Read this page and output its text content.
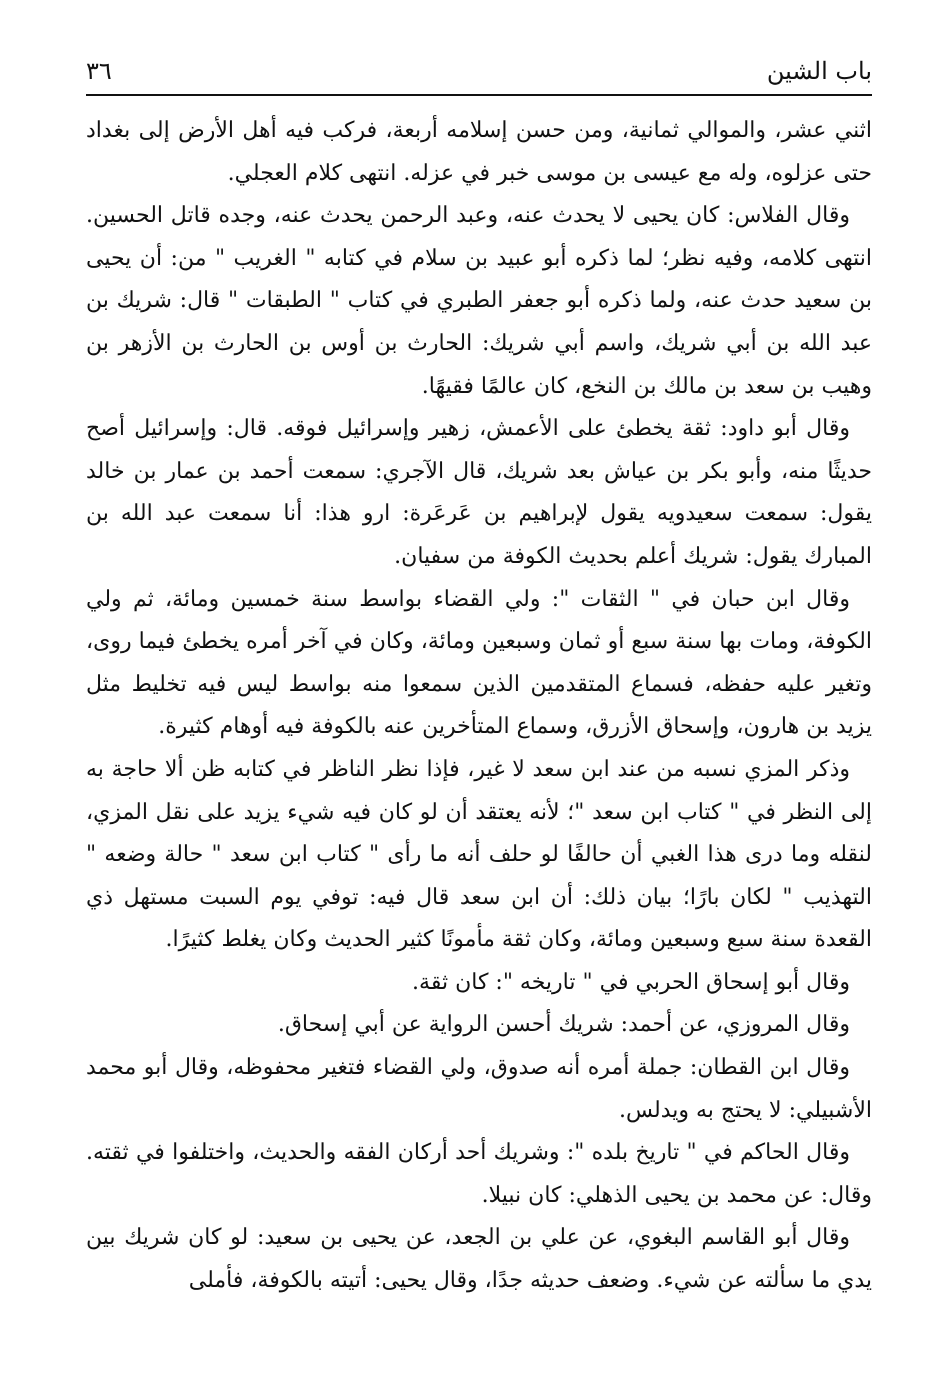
باب الشين
٣٦

اثني عشر، والموالي ثمانية، ومن حسن إسلامه أربعة، فركب فيه أهل الأرض إلى بغداد حتى عزلوه، وله مع عيسى بن موسى خبر في عزله. انتهى كلام العجلي.

وقال الفلاس: كان يحيى لا يحدث عنه، وعبد الرحمن يحدث عنه، وجده قاتل الحسين. انتهى كلامه، وفيه نظر؛ لما ذكره أبو عبيد بن سلام في كتابه " الغريب " من: أن يحيى بن سعيد حدث عنه، ولما ذكره أبو جعفر الطبري في كتاب " الطبقات " قال: شريك بن عبد الله بن أبي شريك، واسم أبي شريك: الحارث بن أوس بن الحارث بن الأزهر بن وهيب بن سعد بن مالك بن النخع، كان عالمًا فقيهًا.

وقال أبو داود: ثقة يخطئ على الأعمش، زهير وإسرائيل فوقه. قال: وإسرائيل أصح حديثًا منه، وأبو بكر بن عياش بعد شريك، قال الآجري: سمعت أحمد بن عمار بن خالد يقول: سمعت سعيدويه يقول لإبراهيم بن عَرعَرة: ارو هذا: أنا سمعت عبد الله بن المبارك يقول: شريك أعلم بحديث الكوفة من سفيان.

وقال ابن حبان في " الثقات ": ولي القضاء بواسط سنة خمسين ومائة، ثم ولي الكوفة، ومات بها سنة سبع أو ثمان وسبعين ومائة، وكان في آخر أمره يخطئ فيما روى، وتغير عليه حفظه، فسماع المتقدمين الذين سمعوا منه بواسط ليس فيه تخليط مثل يزيد بن هارون، وإسحاق الأزرق، وسماع المتأخرين عنه بالكوفة فيه أوهام كثيرة.

وذكر المزي نسبه من عند ابن سعد لا غير، فإذا نظر الناظر في كتابه ظن ألا حاجة به إلى النظر في " كتاب ابن سعد "؛ لأنه يعتقد أن لو كان فيه شيء يزيد على نقل المزي، لنقله وما درى هذا الغبي أن حالفًا لو حلف أنه ما رأى " كتاب ابن سعد " حالة وضعه " التهذيب " لكان بارًا؛ بيان ذلك: أن ابن سعد قال فيه: توفي يوم السبت مستهل ذي القعدة سنة سبع وسبعين ومائة، وكان ثقة مأمونًا كثير الحديث وكان يغلط كثيرًا.

وقال أبو إسحاق الحربي في " تاريخه ": كان ثقة.

وقال المروزي، عن أحمد: شريك أحسن الرواية عن أبي إسحاق.

وقال ابن القطان: جملة أمره أنه صدوق، ولي القضاء فتغير محفوظه، وقال أبو محمد الأشبيلي: لا يحتج به ويدلس.

وقال الحاكم في " تاريخ بلده ": وشريك أحد أركان الفقه والحديث، واختلفوا في ثقته. وقال: عن محمد بن يحيى الذهلي: كان نبيلا.

وقال أبو القاسم البغوي، عن علي بن الجعد، عن يحيى بن سعيد: لو كان شريك بين يدي ما سألته عن شيء. وضعف حديثه جدًا، وقال يحيى: أتيته بالكوفة، فأملى
